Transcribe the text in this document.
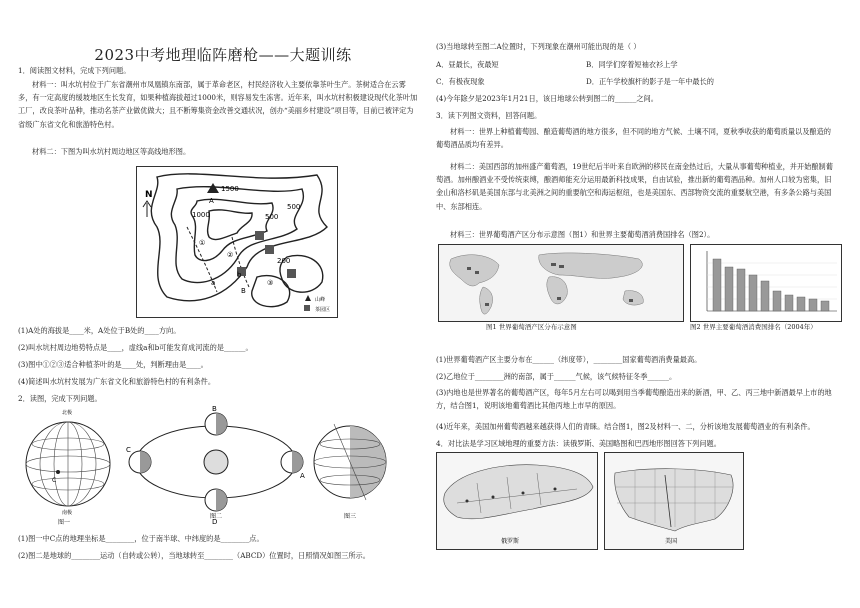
2023中考地理临阵磨枪——大题训练
1．阅读图文材料，完成下列问题。
材料一：叫水坑村位于广东省潮州市凤凰镇东南部，属于革命老区，村民经济收入主要依靠茶叶生产。茶树适合在云雾多，有一定高度的缓坡地区生长发育，如果种植海拔超过1000米，则容易发生冻害。近年来，叫水坑村积极建设现代化茶叶加工厂，改良茶叶品种，推动名茶产业做优做大；且不断筹集资金改善交通状况，创办“美丽乡村建设”项目等，目前已被评定为省级广东省文化和旅游特色村。
材料二：下图为叫水坑村周边地区等高线地形图。
N
1500
1000
500
200
500
A
B
a
b
①
②
③
山峰
茶园区
(1)A处的海拔是____米，A处位于B处的____方向。
(2)叫水坑村周边地势特点是____，虚线a和b可能发育成河流的是______。
(3)图中①②③适合种植茶叶的是____处，判断理由是____。
(4)简述叫水坑村发展为广东省文化和旅游特色村的有利条件。
2．读图，完成下列问题。
北极
C
南极
图一
B
D
C
A
图二	图三
(1)图一中C点的地理坐标是________，位于南半球、中纬度的是________点。
(2)图二是地球的________运动（自转或公转），当地球转至________（ABCD）位置时，日照情况如图三所示。
(3)当地球转至图二A位置时，下列现象在潮州可能出现的是（ ）
A．昼最长，夜最短	B．同学们穿着短袖衣衫上学
C．有极夜现象	D．正午学校旗杆的影子是一年中最长的
(4)今年除夕是2023年1月21日，该日地球公转到图二的______之间。
3．读下列图文资料，回答问题。
材料一：世界上种植葡萄园、酿造葡萄酒的地方很多，但不同的地方气候、土壤不同，夏秋季收获的葡萄质量以及酿造的葡萄酒品质均有差异。
材料二：美国西部的加州盛产葡萄酒，19世纪后半叶来自欧洲的移民在南金热过后，大量从事葡萄种植业，并开始酿制葡萄酒。加州酿酒业不受传统束缚，酿酒师能充分运用最新科技成果，自由试验，推出新的葡萄酒品种。加州人口较为密集，旧金山和洛杉矶是美国东部与北美洲之间的重要航空和海运枢纽，也是美国东、西部物资交流的重要航空港，有多条公路与美国中、东部相连。
材料三：世界葡萄酒产区分布示意图（图1）和世界主要葡萄酒消费国排名（图2）。
图1 世界葡萄酒产区分布示意图	图2 世界主要葡萄酒消费国排名（2004年）
(1)世界葡萄酒产区主要分布在______（纬度带），________国家葡萄酒消费量最高。
(2)乙地位于________洲的南部，属于______气候，该气候特征冬季______。
(3)内地也是世界著名的葡萄酒产区，每年5月左右可以喝到用当季葡萄酿造出来的新酒，甲、乙、丙三地中新酒最早上市的地方，结合图1，说明该地葡萄酒比其他丙地上市早的原因。
(4)近年来，美国加州葡萄酒越来越获得人们的青睐。结合图1，图2及材料一、二，分析该地发展葡萄酒业的有利条件。
4．对比法是学习区域地理的重要方法：读俄罗斯、美国略图和巴西地形图回答下列问题。
俄罗斯	美国
